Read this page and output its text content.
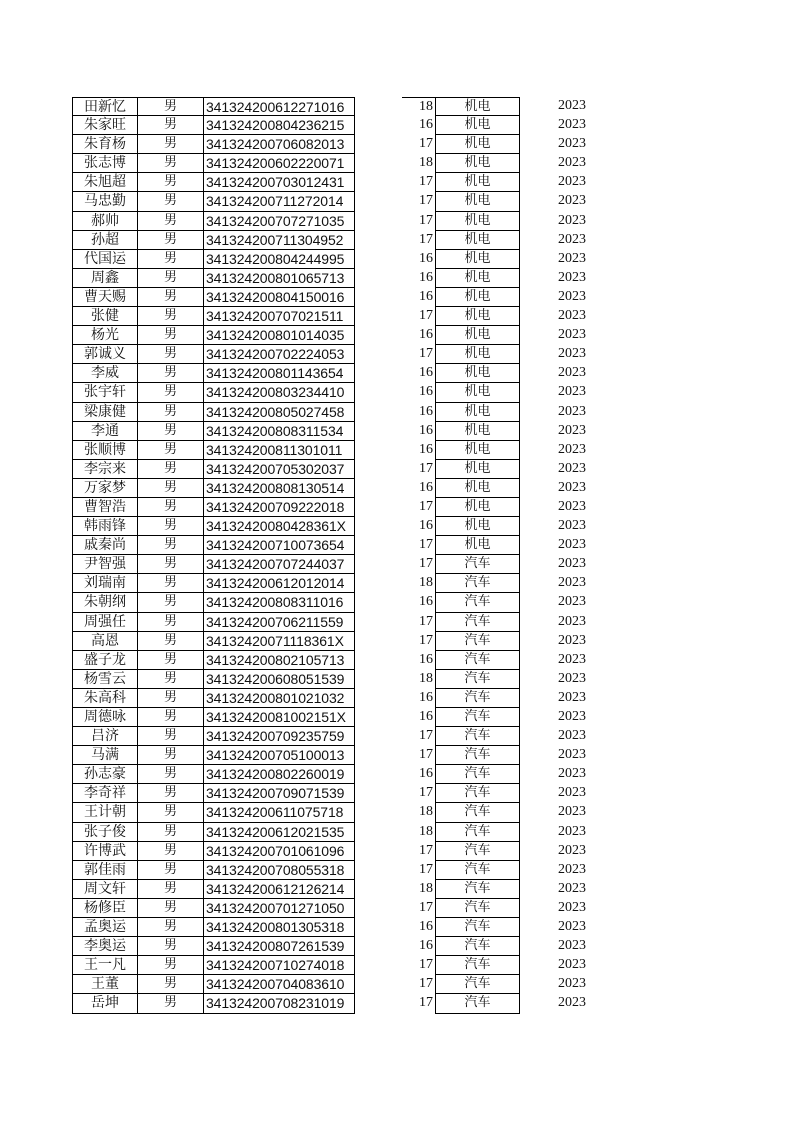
田新忆	男	341324200612271016	18	机电	2023
朱家旺	男	341324200804236215	16	机电	2023
朱育杨	男	341324200706082013	17	机电	2023
张志博	男	341324200602220071	18	机电	2023
朱旭超	男	341324200703012431	17	机电	2023
马忠勤	男	341324200711272014	17	机电	2023
郝帅	男	341324200707271035	17	机电	2023
孙超	男	341324200711304952	17	机电	2023
代国运	男	341324200804244995	16	机电	2023
周鑫	男	341324200801065713	16	机电	2023
曹天赐	男	341324200804150016	16	机电	2023
张健	男	341324200707021511	17	机电	2023
杨光	男	341324200801014035	16	机电	2023
郭诚义	男	341324200702224053	17	机电	2023
李威	男	341324200801143654	16	机电	2023
张宇轩	男	341324200803234410	16	机电	2023
梁康健	男	341324200805027458	16	机电	2023
李通	男	341324200808311534	16	机电	2023
张顺博	男	341324200811301011	16	机电	2023
李宗来	男	341324200705302037	17	机电	2023
万家梦	男	341324200808130514	16	机电	2023
曹智浩	男	341324200709222018	17	机电	2023
韩雨锋	男	34132420080428361X	16	机电	2023
戚秦尚	男	341324200710073654	17	机电	2023
尹智强	男	341324200707244037	17	汽车	2023
刘瑞南	男	341324200612012014	18	汽车	2023
朱朝纲	男	341324200808311016	16	汽车	2023
周强任	男	341324200706211559	17	汽车	2023
高恩	男	34132420071118361X	17	汽车	2023
盛子龙	男	341324200802105713	16	汽车	2023
杨雪云	男	341324200608051539	18	汽车	2023
朱高科	男	341324200801021032	16	汽车	2023
周德咏	男	34132420081002151X	16	汽车	2023
吕济	男	341324200709235759	17	汽车	2023
马满	男	341324200705100013	17	汽车	2023
孙志豪	男	341324200802260019	16	汽车	2023
李奇祥	男	341324200709071539	17	汽车	2023
王计朝	男	341324200611075718	18	汽车	2023
张子俊	男	341324200612021535	18	汽车	2023
许博武	男	341324200701061096	17	汽车	2023
郭佳雨	男	341324200708055318	17	汽车	2023
周文轩	男	341324200612126214	18	汽车	2023
杨修臣	男	341324200701271050	17	汽车	2023
孟奥运	男	341324200801305318	16	汽车	2023
李奥运	男	341324200807261539	16	汽车	2023
王一凡	男	341324200710274018	17	汽车	2023
王董	男	341324200704083610	17	汽车	2023
岳坤	男	341324200708231019	17	汽车	2023
